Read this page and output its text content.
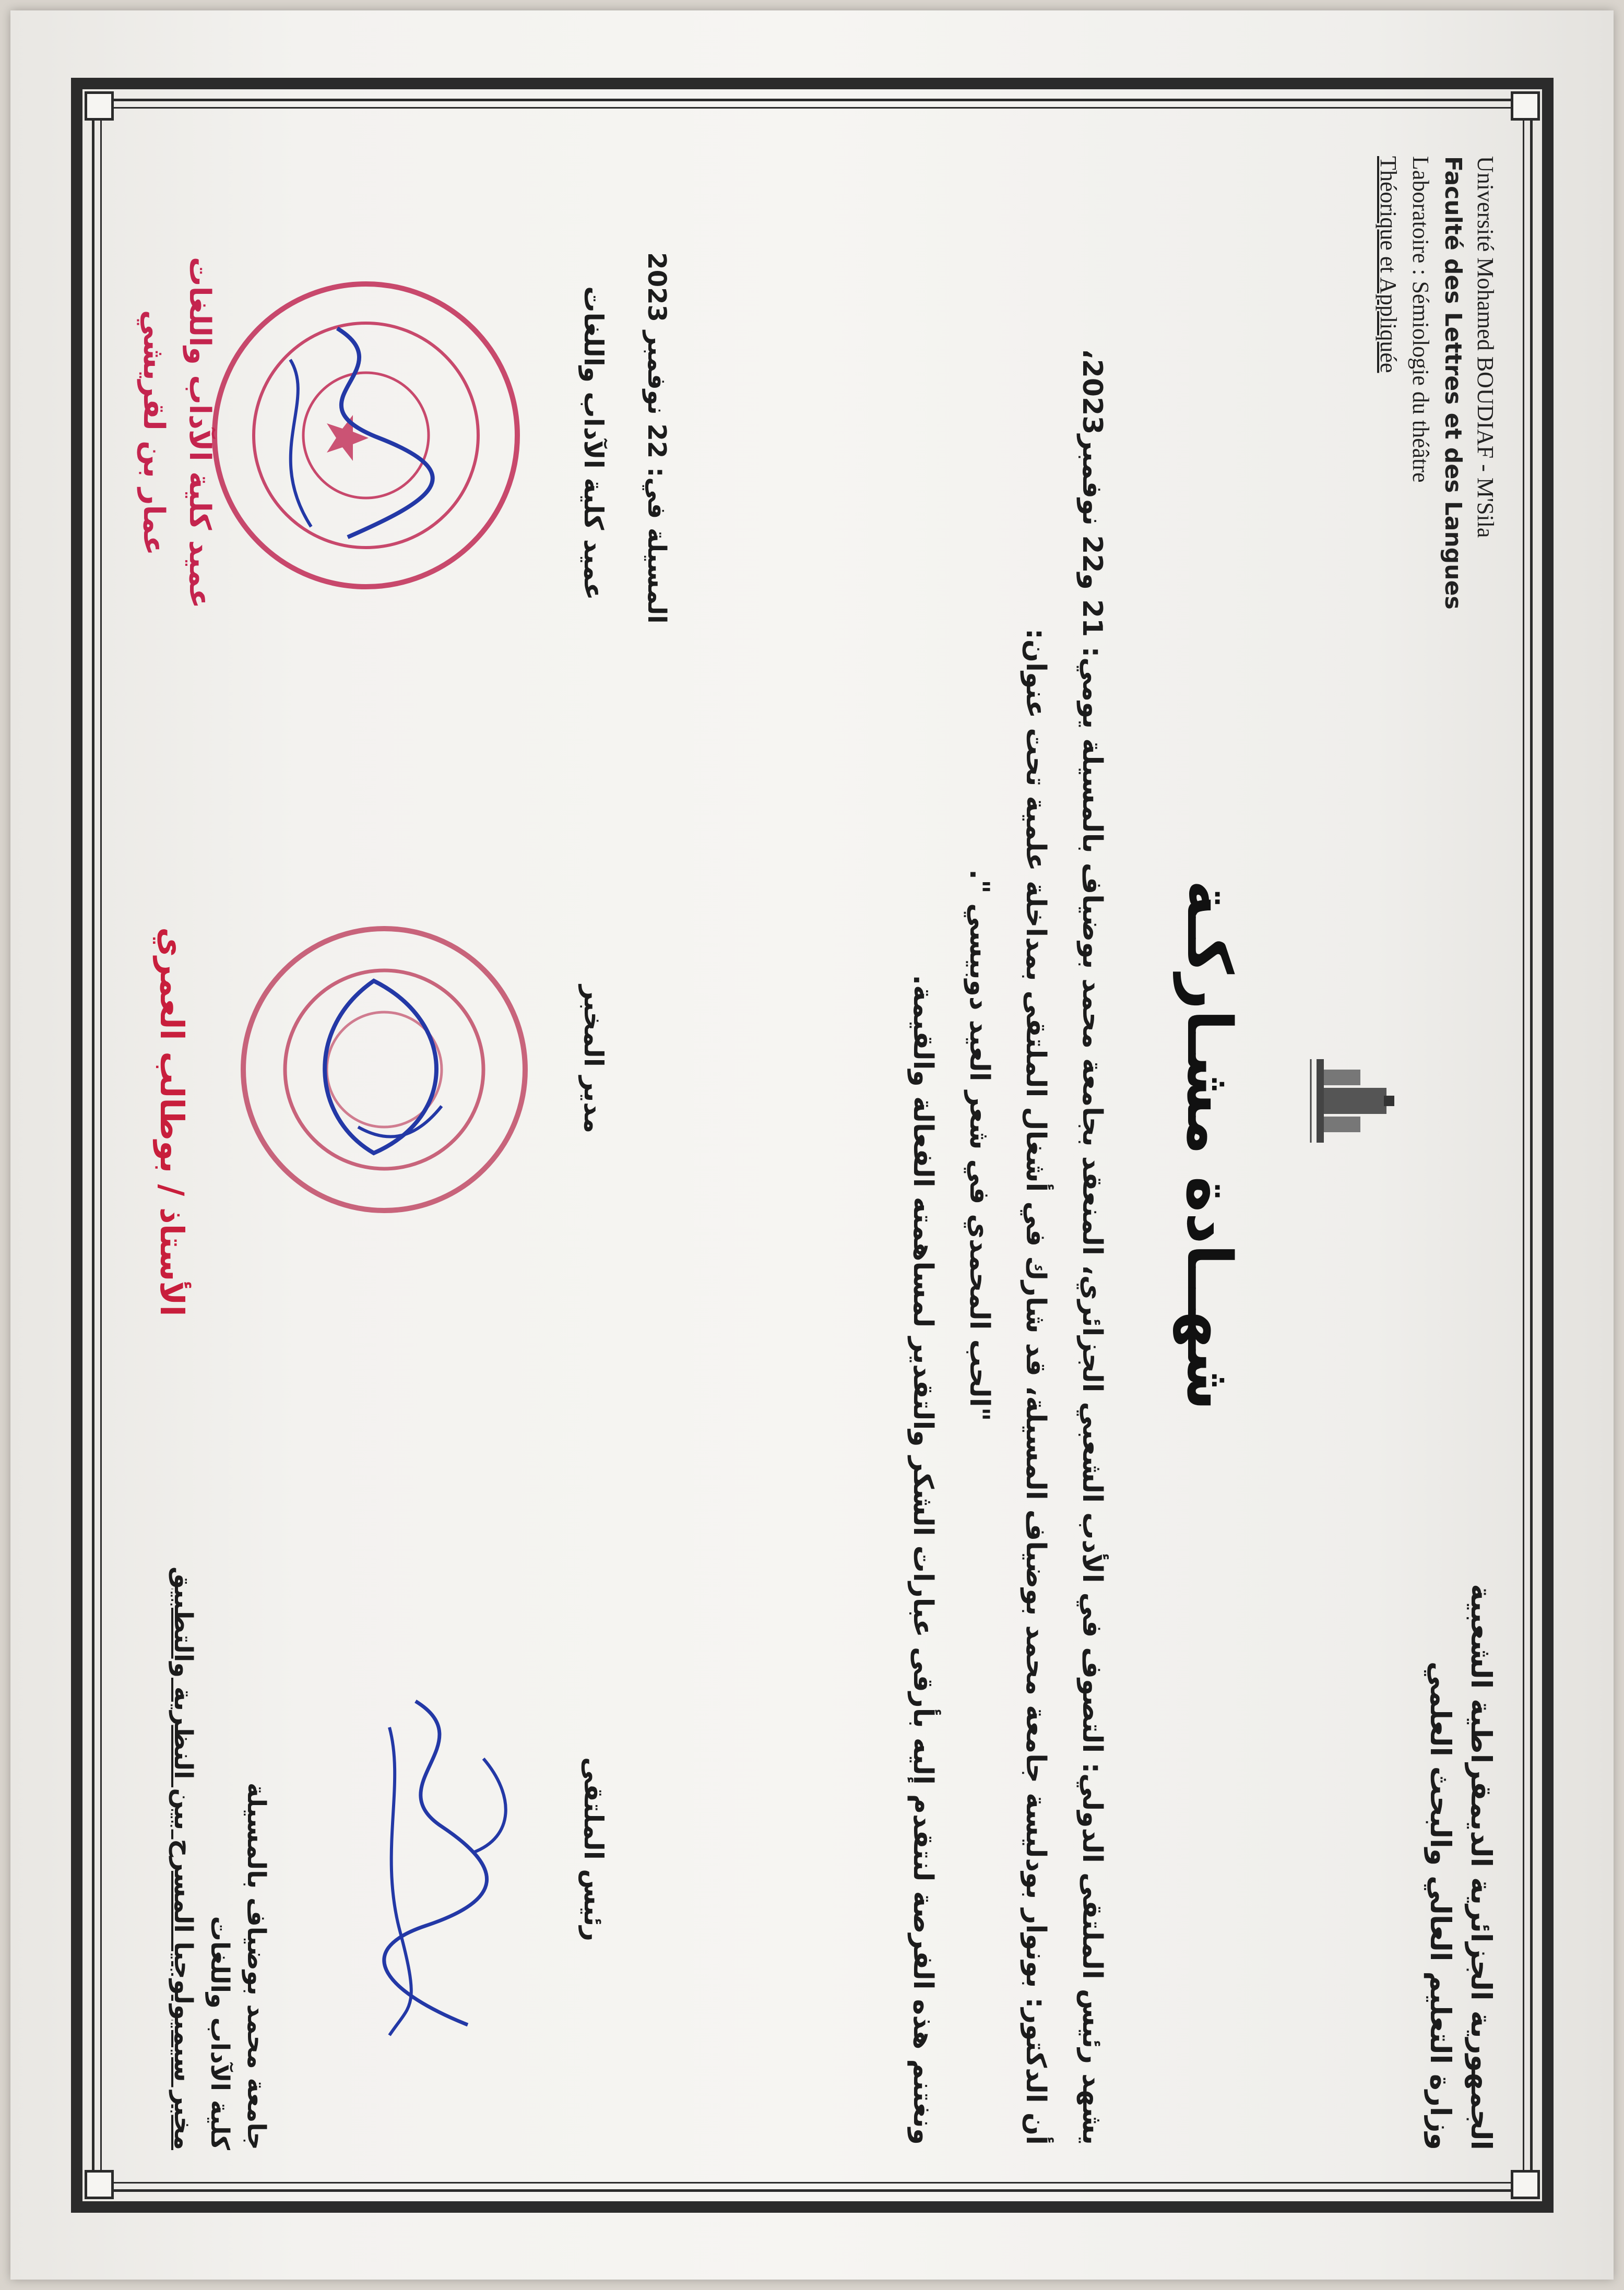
الجمهورية الجزائرية الديمقراطية الشعبية
وزارة التعليم العالي والبحث العلمي
Université Mohamed BOUDIAF - M'Sila
Faculté des Lettres et des Langues
Laboratoire : Sémiologie du théâtre
Théorique et Appliquée
جامعة محمد بوضياف بالمسيلة
كلية الآداب واللغات
مخبر سيميولوجيا المسرح بين النظرية والتطبيق
شهــادة مشـاركـة

يشهد رئيس الملتقى الدولي: التصوف في الأدب الشعبي الجزائري، المنعقد بجامعة محمد بوضياف بالمسيلة يومي: 21 و22 نوفمبر2023،

أن الدكتور: بونوار بودليسة جامعة محمد بوضياف المسيلة، قد شارك في أشغال الملتقى بمداخلة علمية تحت عنوان:

"الحب المحمدي في شعر العيد دوبيسي ".

ونغتنم هذه الفرصة لنتقدم إليه بأرقى عبارات الشكر والتقدير لمساهمته الفعالة والقيمة.

رئيس الملتقى
مدير المخبر
عميد كلية الآداب واللغات المسيلة في: 22 نوفمبر 2023
عميد كلية الآداب واللغات
عمار بن لقريشي
الأستاذ / بوطالب العمري
